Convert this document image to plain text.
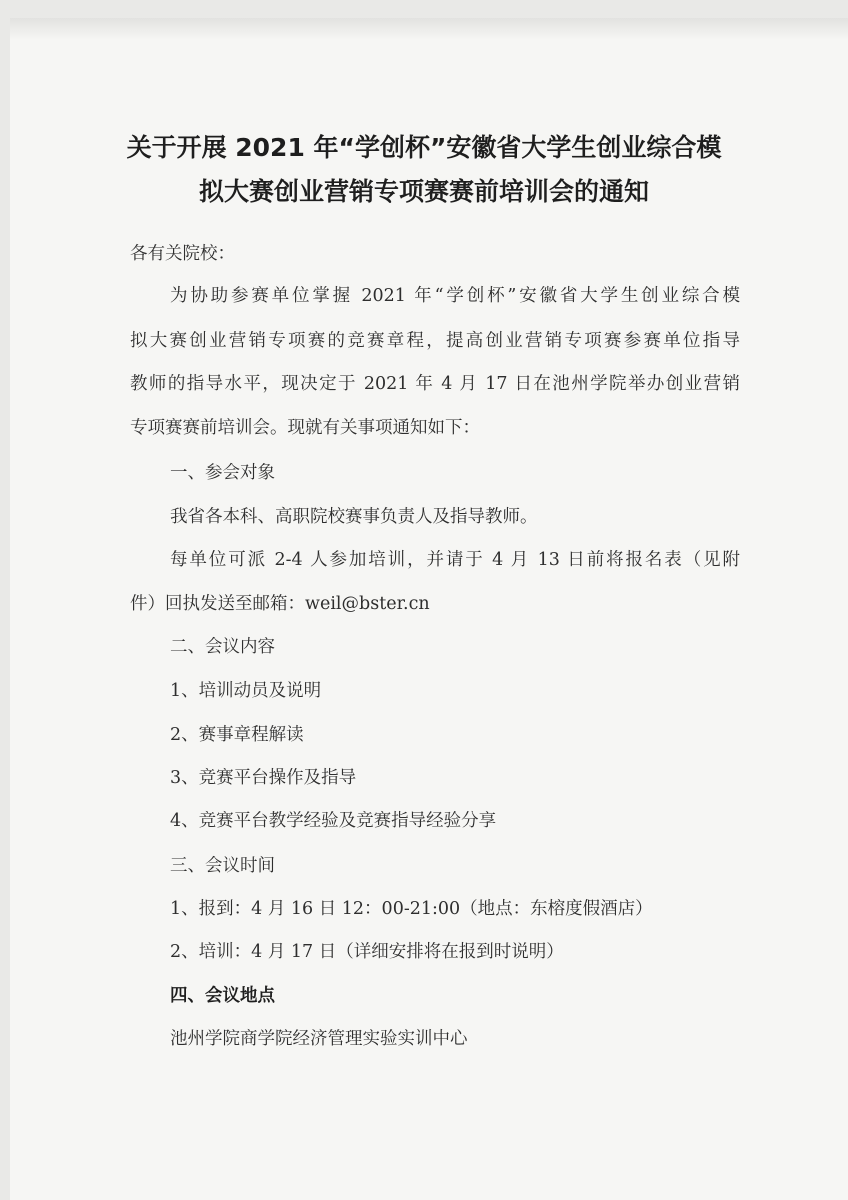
关于开展 2021 年“学创杯”安徽省大学生创业综合模
拟大赛创业营销专项赛赛前培训会的通知
各有关院校：
为协助参赛单位掌握 2021 年“学创杯”安徽省大学生创业综合模
拟大赛创业营销专项赛的竞赛章程，提高创业营销专项赛参赛单位指导
教师的指导水平，现决定于 2021 年 4 月 17 日在池州学院举办创业营销
专项赛赛前培训会。现就有关事项通知如下：
一、参会对象
我省各本科、高职院校赛事负责人及指导教师。
每单位可派 2-4 人参加培训，并请于 4 月 13 日前将报名表（见附
件）回执发送至邮箱：weil@bster.cn
二、会议内容
1、培训动员及说明
2、赛事章程解读
3、竞赛平台操作及指导
4、竞赛平台教学经验及竞赛指导经验分享
三、会议时间
1、报到：4 月 16 日 12：00-21:00（地点：东榕度假酒店）
2、培训：4 月 17 日（详细安排将在报到时说明）
四、会议地点
池州学院商学院经济管理实验实训中心
